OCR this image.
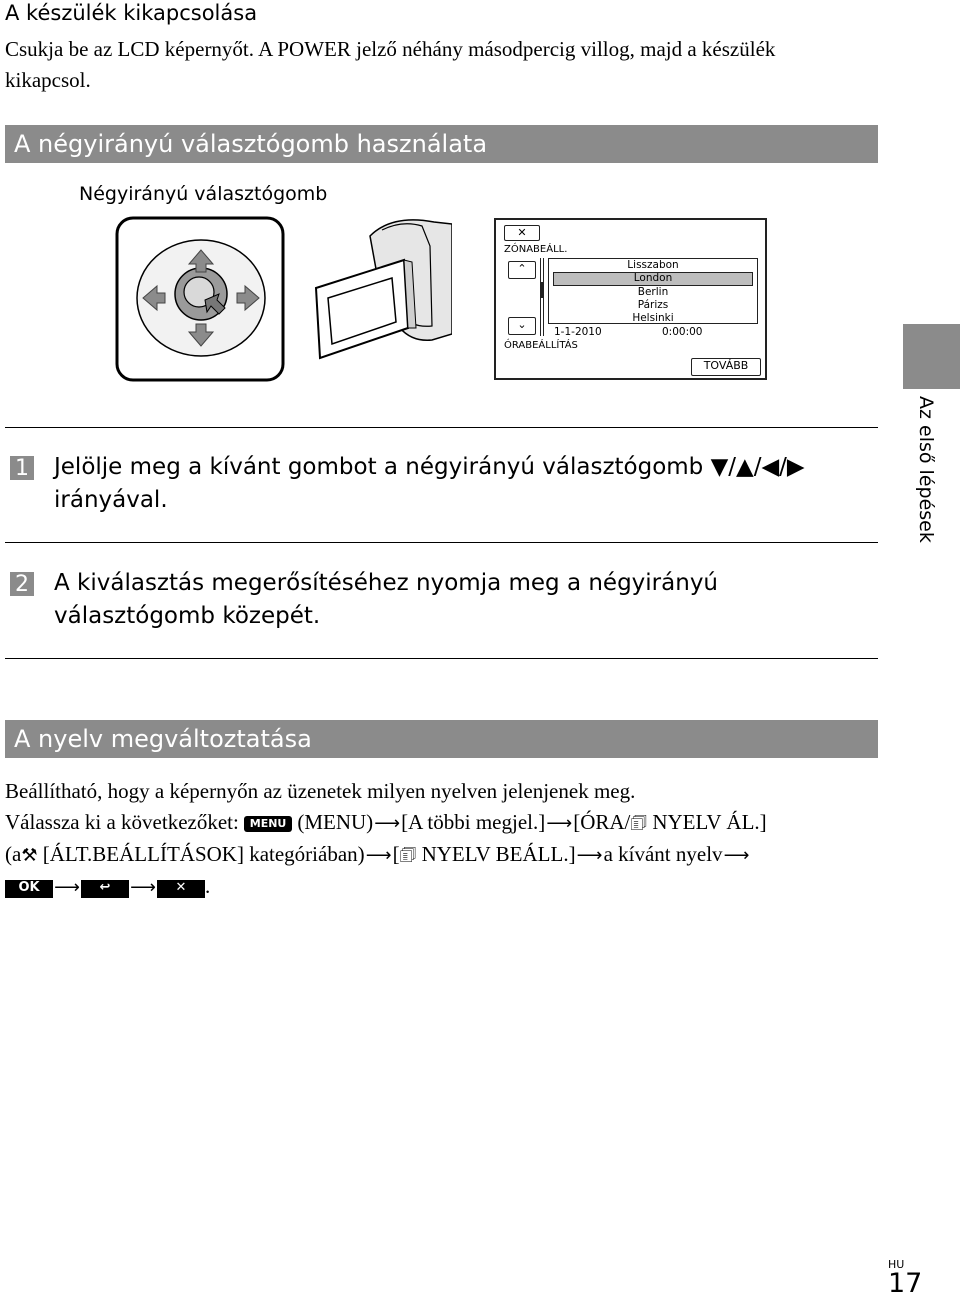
A készülék kikapcsolása
Csukja be az LCD képernyőt. A POWER jelző néhány másodpercig villog, majd a készülék kikapcsol.
A négyirányú választógomb használata
Négyirányú választógomb
✕
ZÓNABEÁLL.
⌃
⌄
Lisszabon
London
Berlin
Párizs
Helsinki
1-1-2010	0:00:00
ÓRABEÁLLÍTÁS
TOVÁBB
Az első lépések
1 Jelölje meg a kívánt gombot a négyirányú választógomb ▼/▲/◀/▶ irányával.
2 A kiválasztás megerősítéséhez nyomja meg a négyirányú választógomb közepét.
A nyelv megváltoztatása
Beállítható, hogy a képernyőn az üzenetek milyen nyelven jelenjenek meg.
Válassza ki a következőket: MENU (MENU)⟶[A többi megjel.]⟶[ÓRA/🗊 NYELV ÁL.]
(a⚒ [ÁLT.BEÁLLÍTÁSOK] kategóriában)⟶[🗊 NYELV BEÁLL.]⟶a kívánt nyelv⟶
OK ⟶ ↩ ⟶ ✕ .
HU
17
